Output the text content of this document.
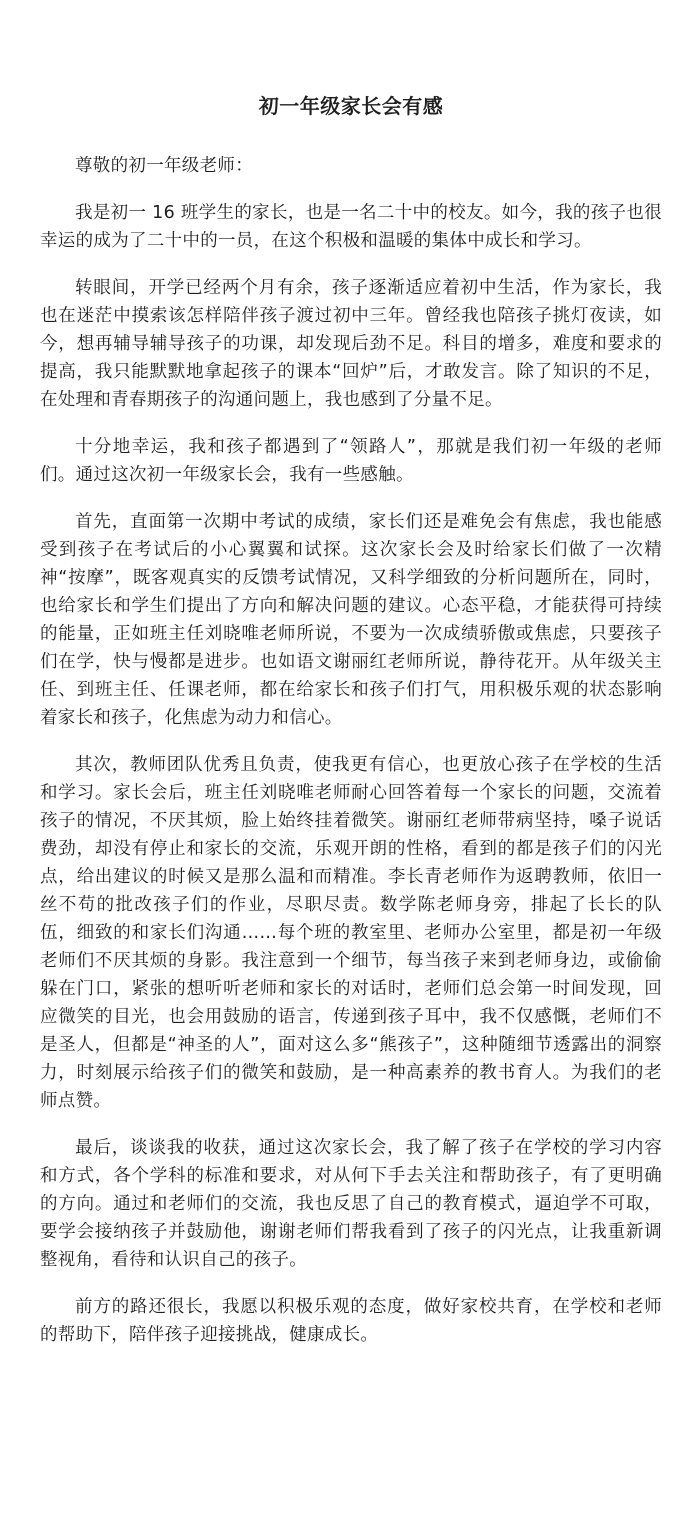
初一年级家长会有感

尊敬的初一年级老师：

我是初一 16 班学生的家长，也是一名二十中的校友。如今，我的孩子也很幸运的成为了二十中的一员，在这个积极和温暖的集体中成长和学习。

转眼间，开学已经两个月有余，孩子逐渐适应着初中生活，作为家长，我也在迷茫中摸索该怎样陪伴孩子渡过初中三年。曾经我也陪孩子挑灯夜读，如今，想再辅导辅导孩子的功课，却发现后劲不足。科目的增多，难度和要求的提高，我只能默默地拿起孩子的课本“回炉”后，才敢发言。除了知识的不足，在处理和青春期孩子的沟通问题上，我也感到了分量不足。

十分地幸运，我和孩子都遇到了“领路人”，那就是我们初一年级的老师们。通过这次初一年级家长会，我有一些感触。

首先，直面第一次期中考试的成绩，家长们还是难免会有焦虑，我也能感受到孩子在考试后的小心翼翼和试探。这次家长会及时给家长们做了一次精神“按摩”，既客观真实的反馈考试情况，又科学细致的分析问题所在，同时，也给家长和学生们提出了方向和解决问题的建议。心态平稳，才能获得可持续的能量，正如班主任刘晓唯老师所说，不要为一次成绩骄傲或焦虑，只要孩子们在学，快与慢都是进步。也如语文谢丽红老师所说，静待花开。从年级关主任、到班主任、任课老师，都在给家长和孩子们打气，用积极乐观的状态影响着家长和孩子，化焦虑为动力和信心。

其次，教师团队优秀且负责，使我更有信心，也更放心孩子在学校的生活和学习。家长会后，班主任刘晓唯老师耐心回答着每一个家长的问题，交流着孩子的情况，不厌其烦，脸上始终挂着微笑。谢丽红老师带病坚持，嗓子说话费劲，却没有停止和家长的交流，乐观开朗的性格，看到的都是孩子们的闪光点，给出建议的时候又是那么温和而精准。李长青老师作为返聘教师，依旧一丝不苟的批改孩子们的作业，尽职尽责。数学陈老师身旁，排起了长长的队伍，细致的和家长们沟通……每个班的教室里、老师办公室里，都是初一年级老师们不厌其烦的身影。我注意到一个细节，每当孩子来到老师身边，或偷偷躲在门口，紧张的想听听老师和家长的对话时，老师们总会第一时间发现，回应微笑的目光，也会用鼓励的语言，传递到孩子耳中，我不仅感慨，老师们不是圣人，但都是“神圣的人”，面对这么多“熊孩子”，这种随细节透露出的洞察力，时刻展示给孩子们的微笑和鼓励，是一种高素养的教书育人。为我们的老师点赞。

最后，谈谈我的收获，通过这次家长会，我了解了孩子在学校的学习内容和方式，各个学科的标准和要求，对从何下手去关注和帮助孩子，有了更明确的方向。通过和老师们的交流，我也反思了自己的教育模式，逼迫学不可取，要学会接纳孩子并鼓励他，谢谢老师们帮我看到了孩子的闪光点，让我重新调整视角，看待和认识自己的孩子。

前方的路还很长，我愿以积极乐观的态度，做好家校共育，在学校和老师的帮助下，陪伴孩子迎接挑战，健康成长。
